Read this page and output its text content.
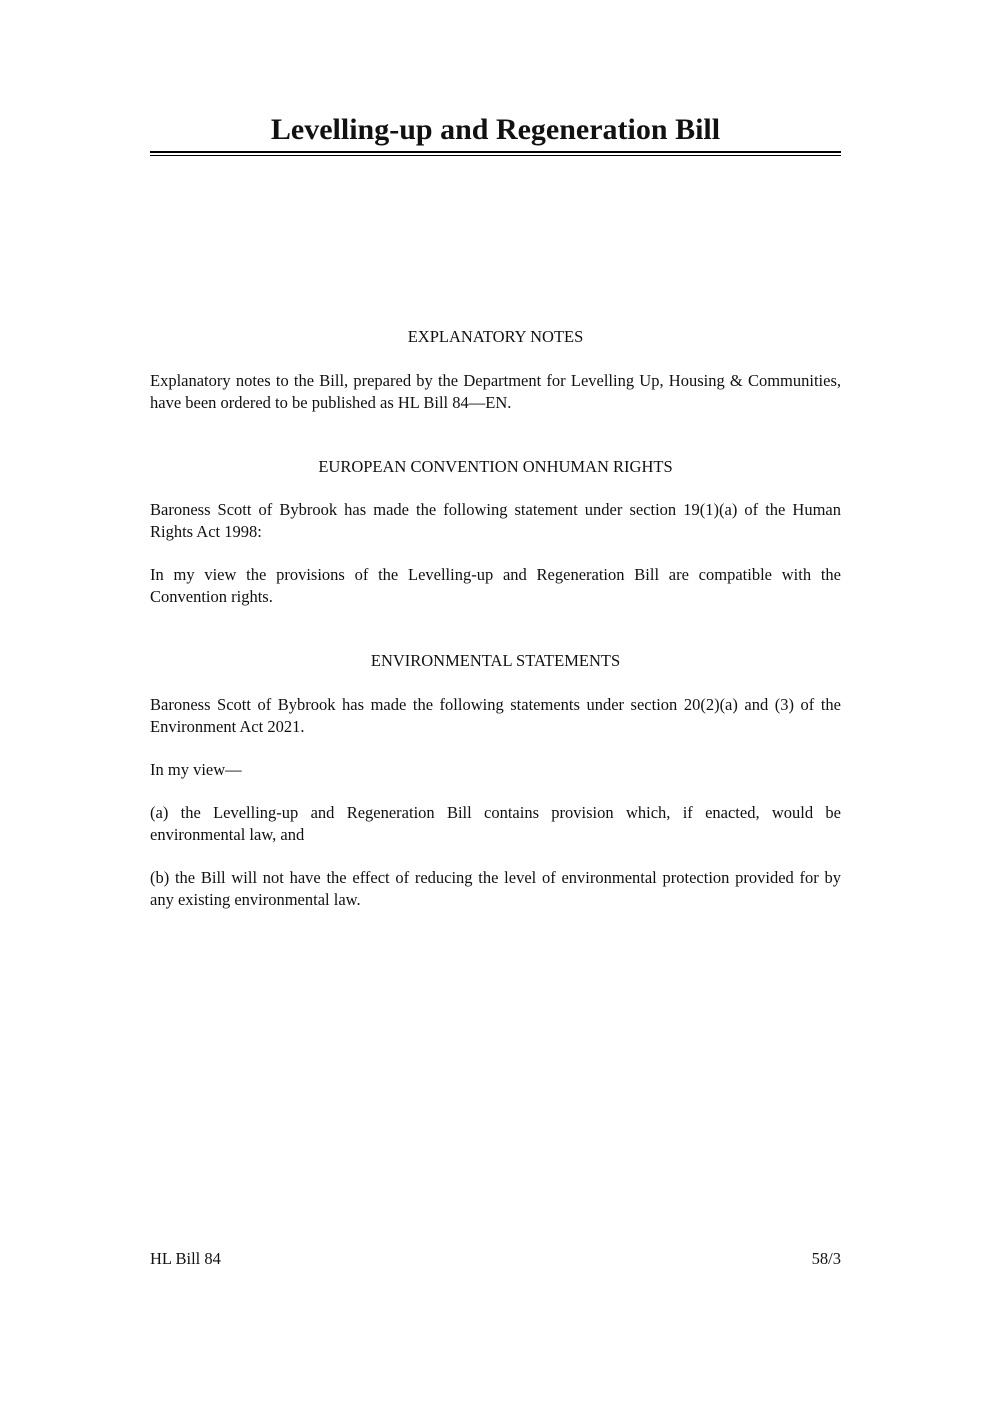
Levelling-up and Regeneration Bill
EXPLANATORY NOTES
Explanatory notes to the Bill, prepared by the Department for Levelling Up, Housing & Communities, have been ordered to be published as HL Bill 84—EN.
EUROPEAN CONVENTION ONHUMAN RIGHTS
Baroness Scott of Bybrook has made the following statement under section 19(1)(a) of the Human Rights Act 1998:
In my view the provisions of the Levelling-up and Regeneration Bill are compatible with the Convention rights.
ENVIRONMENTAL STATEMENTS
Baroness Scott of Bybrook has made the following statements under section 20(2)(a) and (3) of the Environment Act 2021.
In my view—
(a) the Levelling-up and Regeneration Bill contains provision which, if enacted, would be environmental law, and
(b) the Bill will not have the effect of reducing the level of environmental protection provided for by any existing environmental law.
HL Bill 84	58/3
